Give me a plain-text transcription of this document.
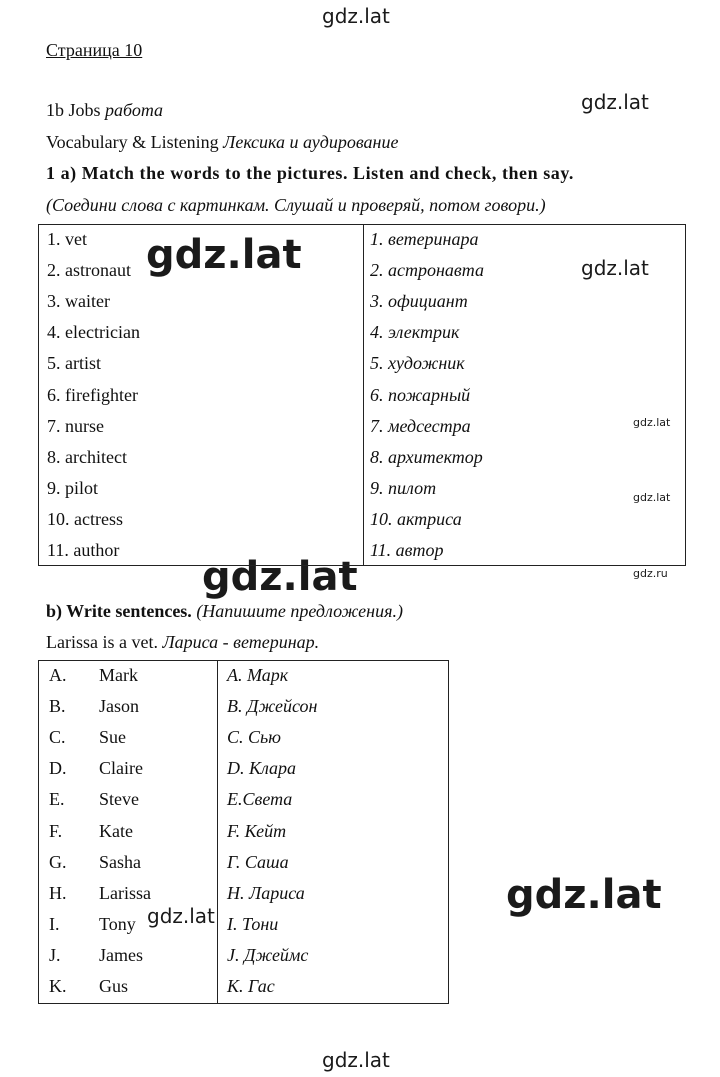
gdz.lat
gdz.lat
gdz.lat
gdz.lat
gdz.lat
gdz.lat
gdz.lat	gdz.ru
gdz.lat
gdz.lat
Страница 10
1b Jobs работа
Vocabulary & Listening Лексика и аудирование
1 a) Match the words to the pictures. Listen and check, then say.
(Соедини слова с картинкам. Слушай и проверяй, потом говори.)
1. vet	1. ветеринара
2. astronaut	2. астронавта
3. waiter	3. официант
4. electrician	4. электрик
5. artist	5. художник
6. firefighter	6. пожарный
7. nurse	7. медсестра
8. architect	8. архитектор
9. pilot	9. пилот
10. actress	10. актриса
11. author	11. автор
b) Write sentences. (Напишите предложения.)
Larissa is a vet. Лариса - ветеринар.
A. Mark	A. Марк
B. Jason	B. Джейсон
C. Sue	C. Сью
D. Claire	D. Клара
E. Steve	E.Света
F. Kate	F. Кейт
G. Sasha	Г. Саша
H. Larissa	H. Лариса
I. Tony	I. Тони
J. James	J. Джеймс
K. Gus	K. Гас
gdz.lat
